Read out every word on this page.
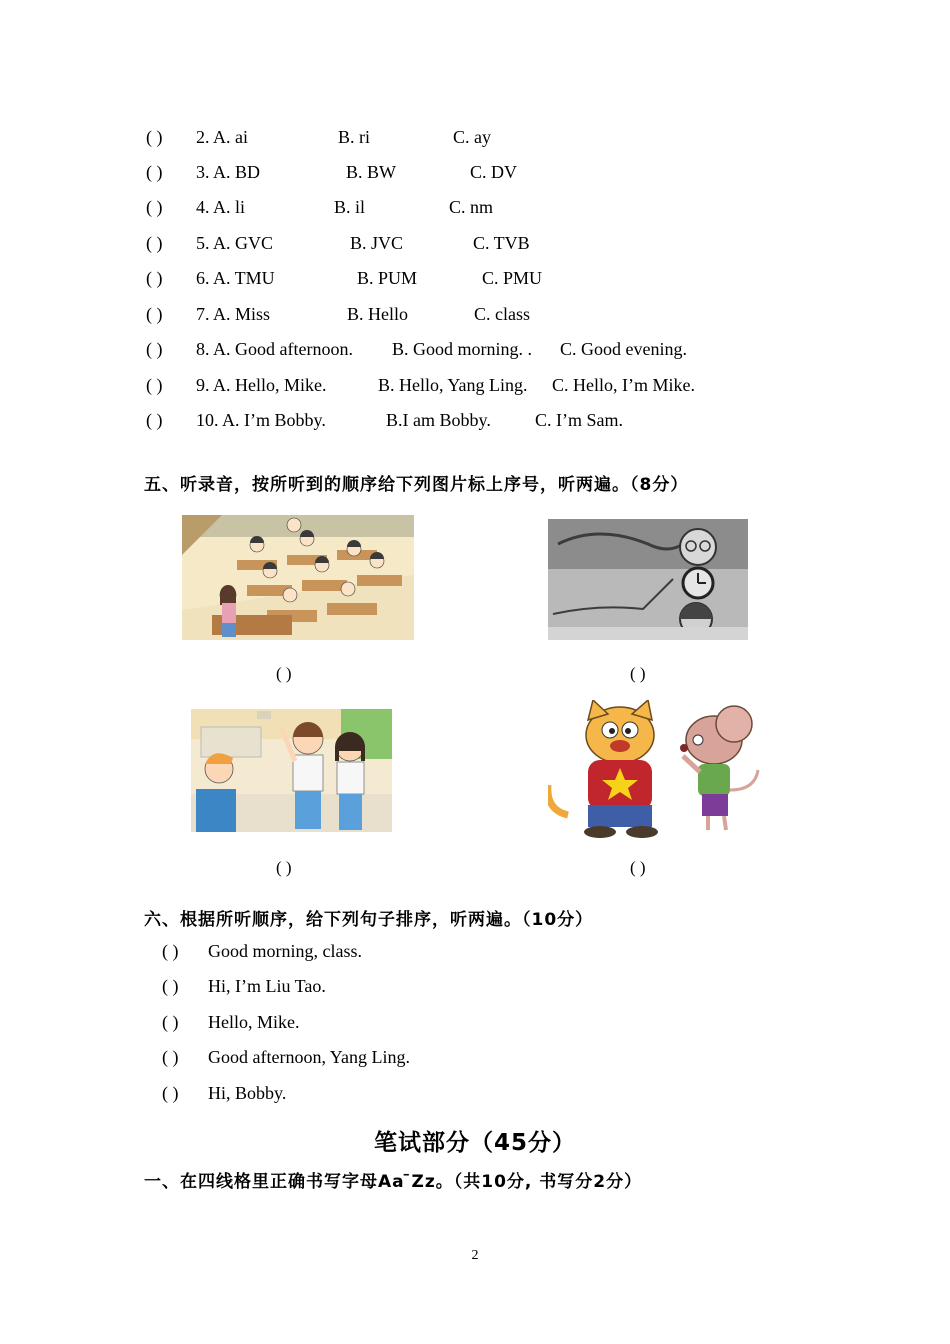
( ) 2. A. ai	B. ri	C. ay
( ) 3. A. BD	B. BW	C. DV
( ) 4. A. li	B. il	C. nm
( ) 5. A. GVC	B. JVC	C. TVB
( ) 6. A. TMU	B. PUM	C. PMU
( ) 7. A. Miss	B. Hello	C. class
( ) 8. A. Good afternoon. B. Good morning. . C. Good evening.
( ) 9. A. Hello, Mike.	B. Hello, Yang Ling. C. Hello, I’m Mike.
( ) 10. A. I’m Bobby.	B.I am Bobby. C. I’m Sam.
五、听录音，按所听到的顺序给下列图片标上序号，听两遍。（8分）
( )	( )
( )	( )
六、根据所听顺序，给下列句子排序，听两遍。（10分）
( ) Good morning, class.
( ) Hi, I’m Liu Tao.
( ) Hello, Mike.
( ) Good afternoon, Yang Ling.
( ) Hi, Bobby.
笔试部分（45分）
一、在四线格里正确书写字母Aa ̄Zz。（共10分, 书写分2分）
2
